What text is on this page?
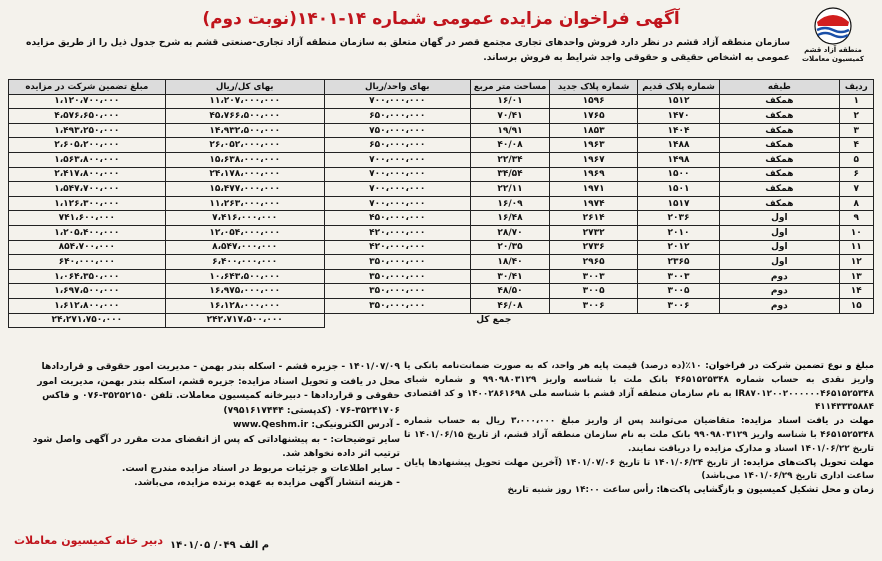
منطقه آزاد قشم
کمیسیون معاملات
آگهی فراخوان مزایده عمومی شماره ۱۴-۱۴۰۱(نوبت دوم)
سازمان منطقه آزاد قشم در نظر دارد فروش واحدهای تجاری مجتمع قصر در گهان متعلق به سازمان منطقه آزاد تجاری-صنعتی قشم به شرح جدول ذیل را از طریق مزایده عمومی به اشخاص حقیقی و حقوقی واجد شرایط به فروش برساند.
ردیف	طبقه	شماره پلاک قدیم	شماره پلاک جدید	مساحت متر مربع	بهای واحد/ریال	بهای کل/ریال	مبلغ تضمین شرکت در مزایده
۱	همکف	۱۵۱۲	۱۵۹۶	۱۶/۰۱	۷۰۰،۰۰۰،۰۰۰	۱۱،۲۰۷،۰۰۰،۰۰۰	۱،۱۲۰،۷۰۰،۰۰۰
۲	همکف	۱۴۷۰	۱۷۶۵	۷۰/۴۱	۶۵۰،۰۰۰،۰۰۰	۴۵،۷۶۶،۵۰۰،۰۰۰	۴،۵۷۶،۶۵۰،۰۰۰
۳	همکف	۱۴۰۴	۱۸۵۳	۱۹/۹۱	۷۵۰،۰۰۰،۰۰۰	۱۴،۹۳۲،۵۰۰،۰۰۰	۱،۴۹۳،۲۵۰،۰۰۰
۴	همکف	۱۴۸۸	۱۹۶۳	۴۰/۰۸	۶۵۰،۰۰۰،۰۰۰	۲۶،۰۵۲،۰۰۰،۰۰۰	۲،۶۰۵،۲۰۰،۰۰۰
۵	همکف	۱۴۹۸	۱۹۶۷	۲۲/۳۴	۷۰۰،۰۰۰،۰۰۰	۱۵،۶۳۸،۰۰۰،۰۰۰	۱،۵۶۳،۸۰۰،۰۰۰
۶	همکف	۱۵۰۰	۱۹۶۹	۳۴/۵۴	۷۰۰،۰۰۰،۰۰۰	۲۴،۱۷۸،۰۰۰،۰۰۰	۲،۴۱۷،۸۰۰،۰۰۰
۷	همکف	۱۵۰۱	۱۹۷۱	۲۲/۱۱	۷۰۰،۰۰۰،۰۰۰	۱۵،۴۷۷،۰۰۰،۰۰۰	۱،۵۴۷،۷۰۰،۰۰۰
۸	همکف	۱۵۱۷	۱۹۷۴	۱۶/۰۹	۷۰۰،۰۰۰،۰۰۰	۱۱،۲۶۳،۰۰۰،۰۰۰	۱،۱۲۶،۳۰۰،۰۰۰
۹	اول	۲۰۳۶	۲۶۱۴	۱۶/۴۸	۴۵۰،۰۰۰،۰۰۰	۷،۴۱۶،۰۰۰،۰۰۰	۷۴۱،۶۰۰،۰۰۰
۱۰	اول	۲۰۱۰	۲۷۳۲	۲۸/۷۰	۴۲۰،۰۰۰،۰۰۰	۱۲،۰۵۴،۰۰۰،۰۰۰	۱،۲۰۵،۴۰۰،۰۰۰
۱۱	اول	۲۰۱۲	۲۷۳۶	۲۰/۳۵	۴۲۰،۰۰۰،۰۰۰	۸،۵۴۷،۰۰۰،۰۰۰	۸۵۴،۷۰۰،۰۰۰
۱۲	اول	۲۳۶۵	۲۹۶۵	۱۸/۴۰	۳۵۰،۰۰۰،۰۰۰	۶،۴۰۰،۰۰۰،۰۰۰	۶۴۰،۰۰۰،۰۰۰
۱۳	دوم	۳۰۰۳	۳۰۰۳	۳۰/۴۱	۳۵۰،۰۰۰،۰۰۰	۱۰،۶۴۳،۵۰۰،۰۰۰	۱،۰۶۴،۳۵۰،۰۰۰
۱۴	دوم	۳۰۰۵	۳۰۰۵	۴۸/۵۰	۳۵۰،۰۰۰،۰۰۰	۱۶،۹۷۵،۰۰۰،۰۰۰	۱،۶۹۷،۵۰۰،۰۰۰
۱۵	دوم	۳۰۰۶	۳۰۰۶	۴۶/۰۸	۳۵۰،۰۰۰،۰۰۰	۱۶،۱۲۸،۰۰۰،۰۰۰	۱،۶۱۲،۸۰۰،۰۰۰
جمع کل						۲۴۲،۷۱۷،۵۰۰،۰۰۰	۲۴،۲۷۱،۷۵۰،۰۰۰

مبلغ و نوع تضمین شرکت در فراخوان: ۱۰٪(ده درصد) قیمت پایه هر واحد، که به صورت ضمانت‌نامه بانکی یا واریز نقدی به حساب شماره ۴۶۵۱۵۲۵۳۴۸ بانک ملت با شناسه واریز ۹۹۰۹۸۰۳۱۲۹ و شماره شبای IR۸۷۰۱۲۰۰۲۰۰۰۰۰۰۴۶۵۱۵۲۵۳۴۸ به نام سازمان منطقه آزاد قشم با شناسه ملی ۱۴۰۰۲۸۶۱۶۹۸ و کد اقتصادی ۴۱۱۴۳۳۳۵۸۸۴

مهلت در یافت اسناد مزایده: متقاضیان می‌توانند پس از واریز مبلغ ۳،۰۰۰،۰۰۰ ریال به حساب شماره ۴۶۵۱۵۲۵۳۴۸ با شناسه واریز ۹۹۰۹۸۰۳۱۲۹ بانک ملت به نام سازمان منطقه آزاد قشم، از تاریخ ۱۴۰۱/۰۶/۱۵ تا تاریخ ۱۴۰۱/۰۶/۲۲ اسناد و مدارک مزایده را دریافت نمایند.

مهلت تحویل پاکت‌های مزایده: از تاریخ ۱۴۰۱/۰۶/۲۴ تا تاریخ ۱۴۰۱/۰۷/۰۶ (آخرین مهلت تحویل پیشنهادها پایان ساعت اداری تاریخ ۱۴۰۱/۰۶/۲۹ می‌باشد)

زمان و محل تشکیل کمیسیون و بازگشایی پاکت‌ها: رأس ساعت ۱۴:۰۰ روز شنبه تاریخ

۱۴۰۱/۰۷/۰۹ - جزیره قشم - اسکله بندر بهمن - مدیریت امور حقوقی و قراردادها

محل در یافت و تحویل اسناد مزایده: جزیره قشم، اسکله بندر بهمن، مدیریت امور حقوقی و قراردادها - دبیرخانه کمیسیون معاملات. تلفن ۳۵۲۵۲۱۵۰-۰۷۶ و فاکس ۳۵۲۴۱۷۰۶-۰۷۶ (کدپستی: ۷۹۵۱۶۱۷۴۴۴)

- آدرس الکترونیکی: www.Qeshm.ir

سایر توضیحات: - به پیشنهاداتی که پس از انقضای مدت مقرر در آگهی واصل شود ترتیب اثر داده نخواهد شد.

- سایر اطلاعات و جزئیات مربوط در اسناد مزایده مندرج است.

- هزینه انتشار آگهی مزایده به عهده برنده مزایده، می‌باشد.

م الف ۰۴۹/ ۱۴۰۱/۰۵
دبیر خانه کمیسیون معاملات
